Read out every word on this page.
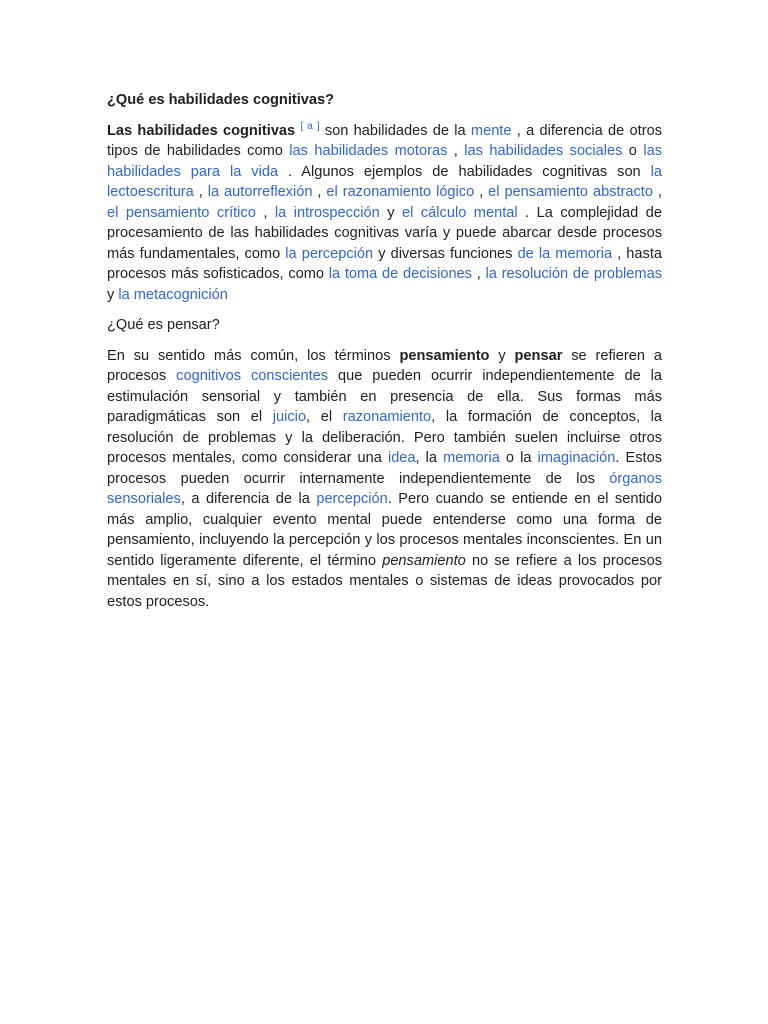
¿Qué es habilidades cognitivas?

Las habilidades cognitivas [ a ] son habilidades de la mente , a diferencia de otros tipos de habilidades como las habilidades motoras , las habilidades sociales o las habilidades para la vida . Algunos ejemplos de habilidades cognitivas son la lectoescritura , la autorreflexión , el razonamiento lógico , el pensamiento abstracto , el pensamiento crítico , la introspección y el cálculo mental . La complejidad de procesamiento de las habilidades cognitivas varía y puede abarcar desde procesos más fundamentales, como la percepción y diversas funciones de la memoria , hasta procesos más sofisticados, como la toma de decisiones , la resolución de problemas y la metacognición

¿Qué es pensar?

En su sentido más común, los términos pensamiento y pensar se refieren a procesos cognitivos conscientes que pueden ocurrir independientemente de la estimulación sensorial y también en presencia de ella. Sus formas más paradigmáticas son el juicio, el razonamiento, la formación de conceptos, la resolución de problemas y la deliberación. Pero también suelen incluirse otros procesos mentales, como considerar una idea, la memoria o la imaginación. Estos procesos pueden ocurrir internamente independientemente de los órganos sensoriales, a diferencia de la percepción. Pero cuando se entiende en el sentido más amplio, cualquier evento mental puede entenderse como una forma de pensamiento, incluyendo la percepción y los procesos mentales inconscientes. En un sentido ligeramente diferente, el término pensamiento no se refiere a los procesos mentales en sí, sino a los estados mentales o sistemas de ideas provocados por estos procesos.
